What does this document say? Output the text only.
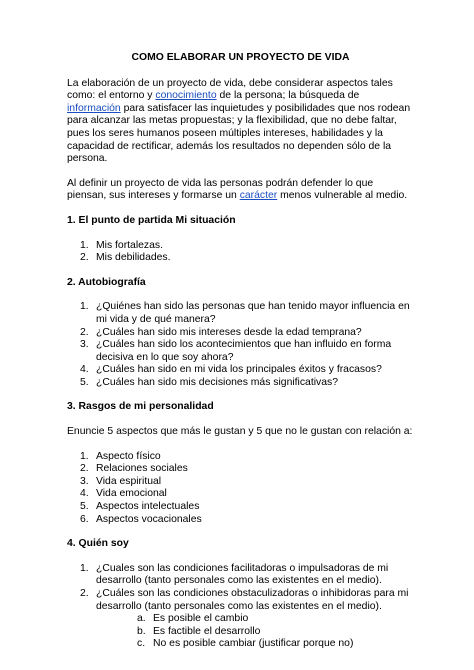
COMO ELABORAR UN PROYECTO DE VIDA

La elaboración de un proyecto de vida, debe considerar aspectos tales como: el entorno y conocimiento de la persona; la búsqueda de información para satisfacer las inquietudes y posibilidades que nos rodean para alcanzar las metas propuestas; y la flexibilidad, que no debe faltar, pues los seres humanos poseen múltiples intereses, habilidades y la capacidad de rectificar, además los resultados no dependen sólo de la persona.

Al definir un proyecto de vida las personas podrán defender lo que piensan, sus intereses y formarse un carácter menos vulnerable al medio.

1. El punto de partida Mi situación
1. Mis fortalezas.
2. Mis debilidades.
2. Autobiografía
1. ¿Quiénes han sido las personas que han tenido mayor influencia en mi vida y de qué manera?
2. ¿Cuáles han sido mis intereses desde la edad temprana?
3. ¿Cuáles han sido los acontecimientos que han influido en forma decisiva en lo que soy ahora?
4. ¿Cuáles han sido en mi vida los principales éxitos y fracasos?
5. ¿Cuáles han sido mis decisiones más significativas?
3. Rasgos de mi personalidad

Enuncie 5 aspectos que más le gustan y 5 que no le gustan con relación a:

1. Aspecto físico
2. Relaciones sociales
3. Vida espiritual
4. Vida emocional
5. Aspectos intelectuales
6. Aspectos vocacionales
4. Quién soy
1. ¿Cuales son las condiciones facilitadoras o impulsadoras de mi desarrollo (tanto personales como las existentes en el medio).
2. ¿Cuáles son las condiciones obstaculizadoras o inhibidoras para mi desarrollo (tanto personales como las existentes en el medio).
a. Es posible el cambio
b. Es factible el desarrollo
c. No es posible cambiar (justificar porque no)
